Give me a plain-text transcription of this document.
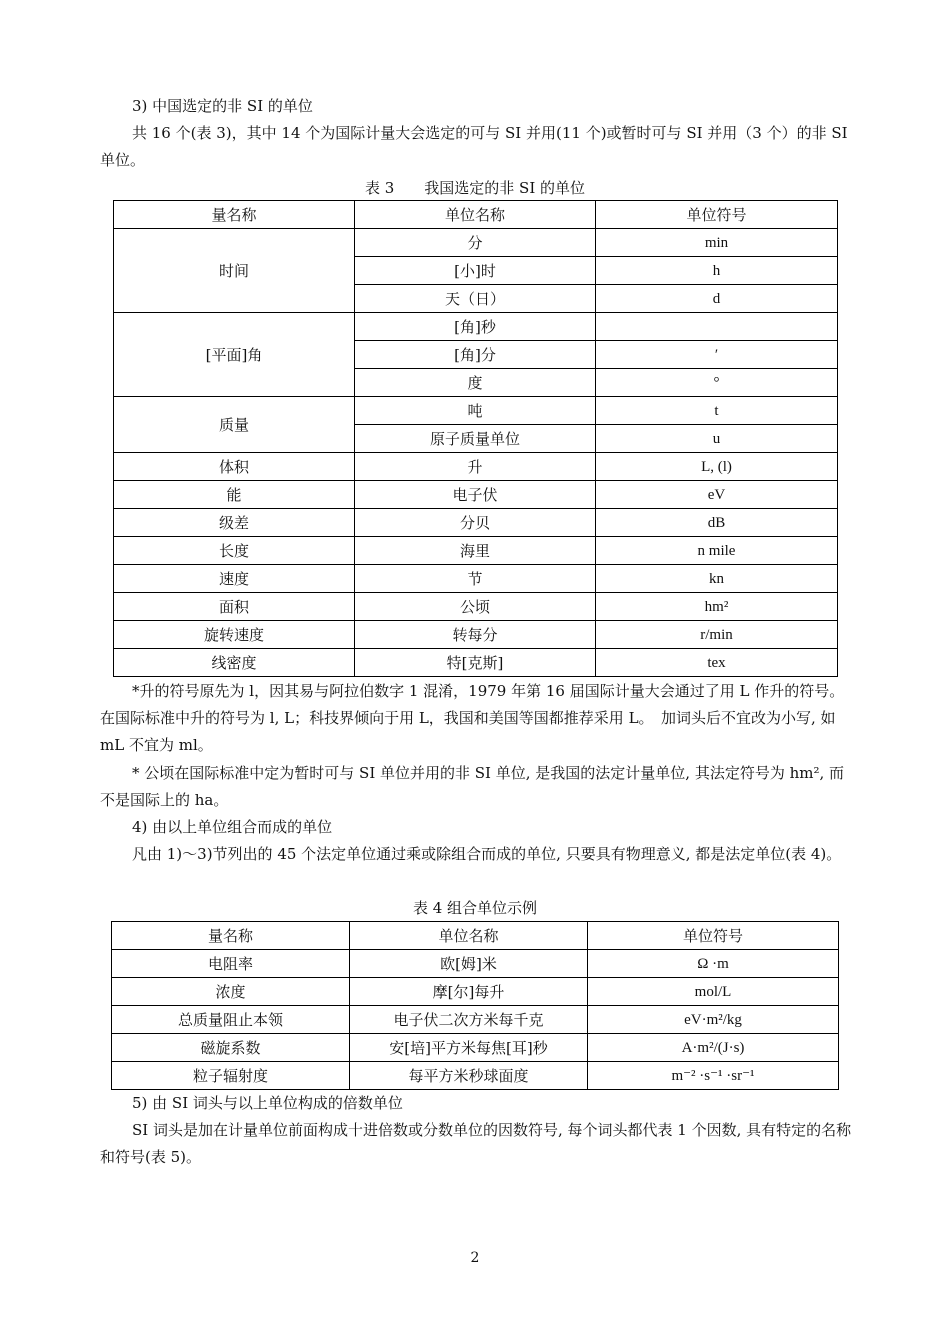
3) 中国选定的非 SI 的单位

共 16 个(表 3)，其中 14 个为国际计量大会选定的可与 SI 并用(11 个)或暂时可与 SI 并用（3 个）的非 SI 单位。

表 3　　我国选定的非 SI 的单位

量名称	单位名称	单位符号
时间	分	min
	[小]时	h
	天（日）	d
[平面]角	[角]秒	
	[角]分	′
	度	°
质量	吨	t
	原子质量单位	u
体积	升	L, (l)
能	电子伏	eV
级差	分贝	dB
长度	海里	n mile
速度	节	kn
面积	公顷	hm²
旋转速度	转每分	r/min
线密度	特[克斯]	tex

*升的符号原先为 l，因其易与阿拉伯数字 1 混淆，1979 年第 16 届国际计量大会通过了用 L 作升的符号。　在国际标准中升的符号为 l, L；科技界倾向于用 L，我国和美国等国都推荐采用 L。　加词头后不宜改为小写, 如 mL 不宜为 ml。

* 公顷在国际标准中定为暂时可与 SI 单位并用的非 SI 单位, 是我国的法定计量单位, 其法定符号为 hm², 而不是国际上的 ha。

4) 由以上单位组合而成的单位

凡由 1)～3)节列出的 45 个法定单位通过乘或除组合而成的单位, 只要具有物理意义, 都是法定单位(表 4)。

表 4 组合单位示例

量名称	单位名称	单位符号
电阻率	欧[姆]米	Ω ·m
浓度	摩[尔]每升	mol/L
总质量阻止本领	电子伏二次方米每千克	eV·m²/kg
磁旋系数	安[培]平方米每焦[耳]秒	A·m²/(J·s)
粒子辐射度	每平方米秒球面度	m⁻² ·s⁻¹ ·sr⁻¹

5) 由 SI 词头与以上单位构成的倍数单位

SI 词头是加在计量单位前面构成十进倍数或分数单位的因数符号, 每个词头都代表 1 个因数, 具有特定的名称和符号(表 5)。

2
